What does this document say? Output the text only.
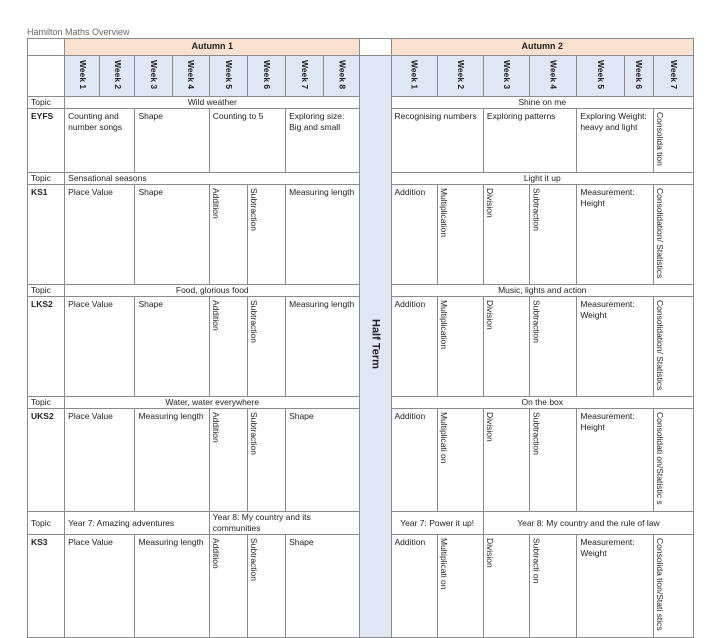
Hamilton Maths Overview
	Autumn 1									Autumn 2						
	Week 1	Week 2	Week 3	Week 4	Week 5	Week 6	Week 7	Week 8	Half Term	Week 1	Week 2	Week 3	Week 4	Week 5	Week 6	Week 7
Topic	Wild weather									Shine on me						
EYFS	Counting and number songs		Shape		Counting to 5		Exploring size: Big and small			Recognising numbers		Exploring patterns		Exploring Weight: heavy and light		Consolida tion
Topic	Sensational seasons									Light it up						
KS1	Place Value		Shape		Addition	Subtraction	Measuring length			Addition	Multiplication	Division	Subtraction	Measurement: Height		Consolidation/ Statistics
Topic	Food, glorious food									Music, lights and action						
LKS2	Place Value		Shape		Addition	Subtraction	Measuring length			Addition	Multiplication	Division	Subtraction	Measurement: Weight		Consolidation/ Statistics
Topic	Water, water everywhere									On the box						
UKS2	Place Value		Measuring length		Addition	Subtraction	Shape			Addition	Multiplicati on	Division	Subtraction	Measurement: Height		Consolidati on/Statistic s
Topic	Year 7: Amazing adventures				Year 8: My country and its communities					Year 7: Power it up!		Year 8: My country and the rule of law				
KS3	Place Value		Measuring length		Addition	Subtraction	Shape			Addition	Multiplicati on	Division	Subtracti on	Measurement: Weight		Consolida tion/Stati stics
